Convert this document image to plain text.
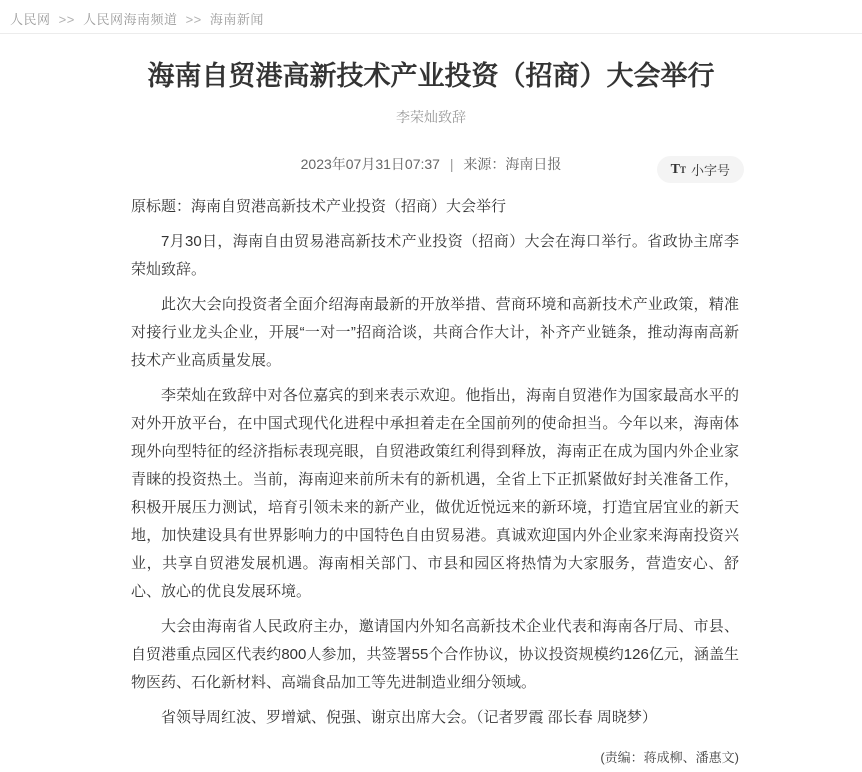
人民网 >> 人民网海南频道 >> 海南新闻
海南自贸港高新技术产业投资（招商）大会举行
李荣灿致辞
2023年07月31日07:37 | 来源：海南日报	T T 小字号

原标题：海南自贸港高新技术产业投资（招商）大会举行

7月30日，海南自由贸易港高新技术产业投资（招商）大会在海口举行。省政协主席李荣灿致辞。

此次大会向投资者全面介绍海南最新的开放举措、营商环境和高新技术产业政策，精准对接行业龙头企业，开展“一对一”招商洽谈，共商合作大计，补齐产业链条，推动海南高新技术产业高质量发展。

李荣灿在致辞中对各位嘉宾的到来表示欢迎。他指出，海南自贸港作为国家最高水平的对外开放平台，在中国式现代化进程中承担着走在全国前列的使命担当。今年以来，海南体现外向型特征的经济指标表现亮眼，自贸港政策红利得到释放，海南正在成为国内外企业家青睐的投资热土。当前，海南迎来前所未有的新机遇，全省上下正抓紧做好封关准备工作，积极开展压力测试，培育引领未来的新产业，做优近悦远来的新环境，打造宜居宜业的新天地，加快建设具有世界影响力的中国特色自由贸易港。真诚欢迎国内外企业家来海南投资兴业，共享自贸港发展机遇。海南相关部门、市县和园区将热情为大家服务，营造安心、舒心、放心的优良发展环境。

大会由海南省人民政府主办，邀请国内外知名高新技术企业代表和海南各厅局、市县、自贸港重点园区代表约800人参加，共签署55个合作协议，协议投资规模约126亿元，涵盖生物医药、石化新材料、高端食品加工等先进制造业细分领域。

省领导周红波、罗增斌、倪强、谢京出席大会。（记者罗霞 邵长春 周晓梦）

(责编：蒋成柳、潘惠文)
